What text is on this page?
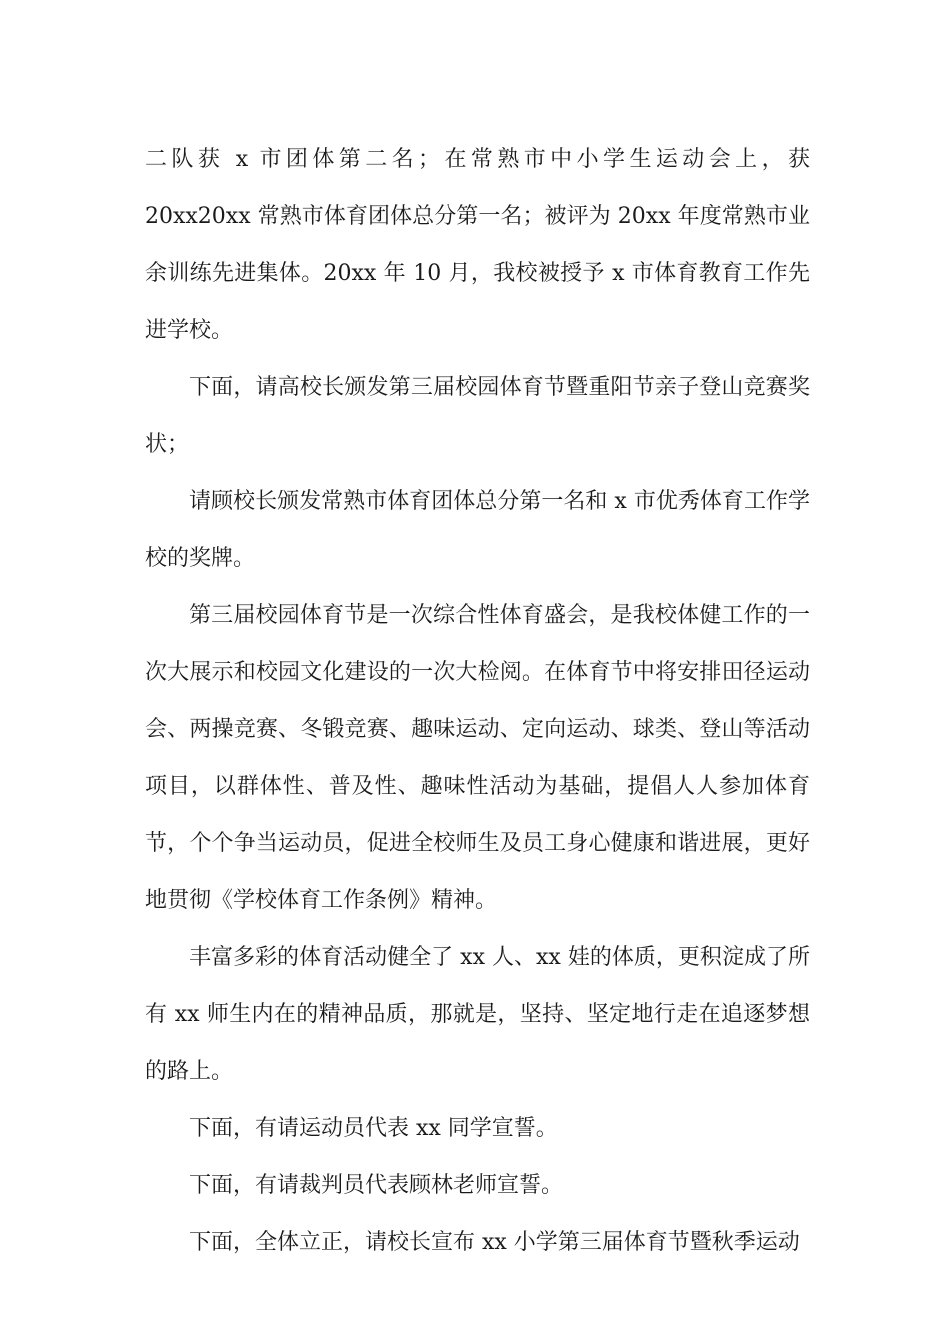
二队获 x 市团体第二名；在常熟市中小学生运动会上，获 20xx20xx 常熟市体育团体总分第一名；被评为 20xx 年度常熟市业余训练先进集体。20xx 年 10 月，我校被授予 x 市体育教育工作先进学校。

下面，请高校长颁发第三届校园体育节暨重阳节亲子登山竞赛奖状；

请顾校长颁发常熟市体育团体总分第一名和 x 市优秀体育工作学校的奖牌。

第三届校园体育节是一次综合性体育盛会，是我校体健工作的一次大展示和校园文化建设的一次大检阅。在体育节中将安排田径运动会、两操竞赛、冬锻竞赛、趣味运动、定向运动、球类、登山等活动项目，以群体性、普及性、趣味性活动为基础，提倡人人参加体育节，个个争当运动员，促进全校师生及员工身心健康和谐进展，更好地贯彻《学校体育工作条例》精神。

丰富多彩的体育活动健全了 xx 人、xx 娃的体质，更积淀成了所有 xx 师生内在的精神品质，那就是，坚持、坚定地行走在追逐梦想的路上。

下面，有请运动员代表 xx 同学宣誓。

下面，有请裁判员代表顾林老师宣誓。

下面，全体立正，请校长宣布 xx 小学第三届体育节暨秋季运动
